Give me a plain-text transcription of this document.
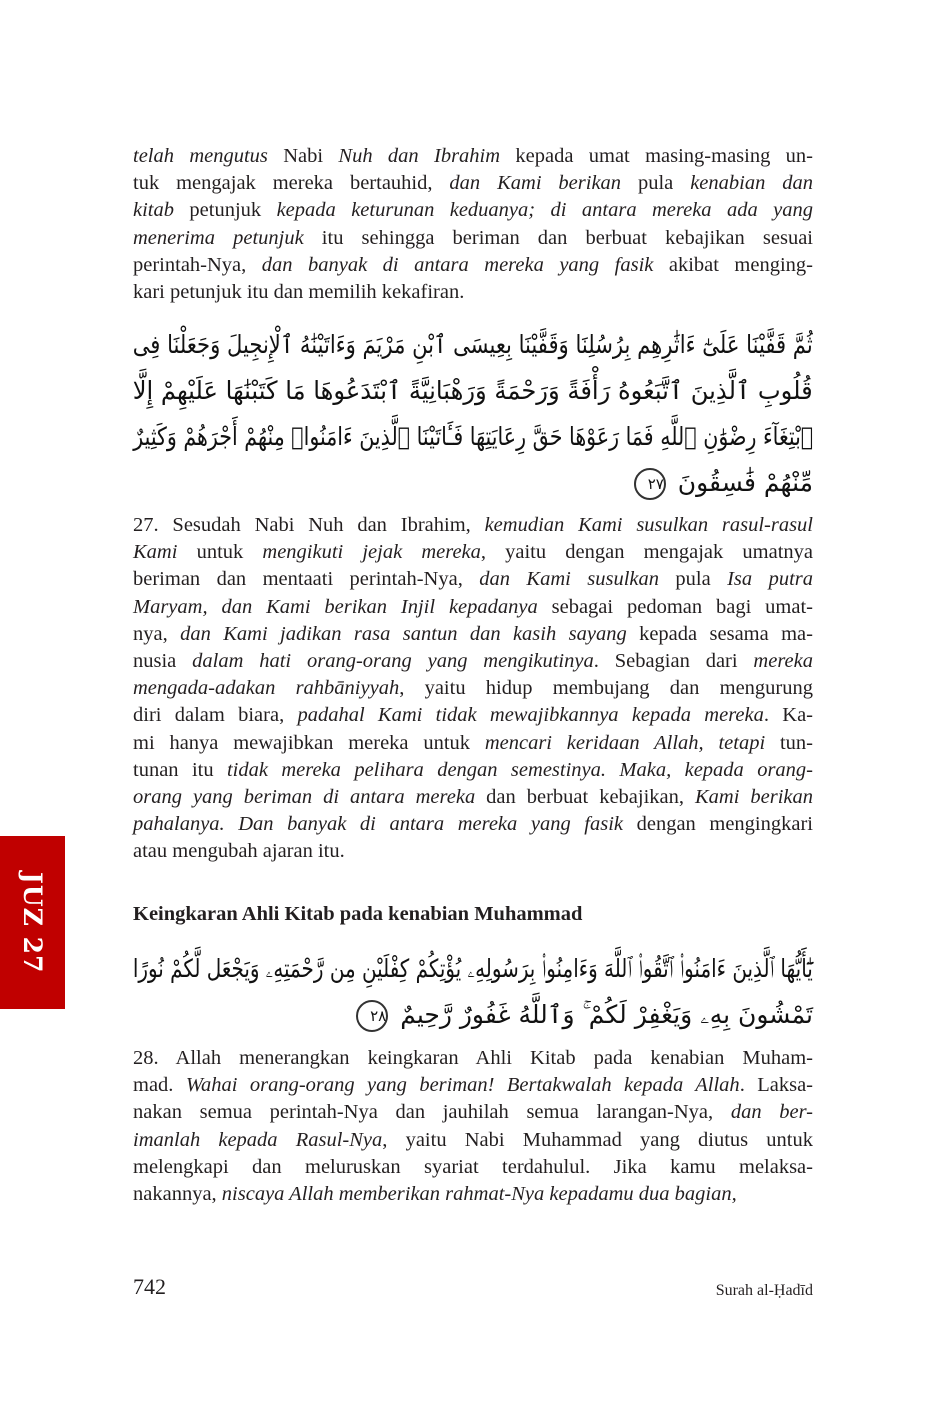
telah mengutus Nabi Nuh dan Ibrahim kepada umat masing-masing un-
tuk mengajak mereka bertauhid, dan Kami berikan pula kenabian dan
kitab petunjuk kepada keturunan keduanya; di antara mereka ada yang
menerima petunjuk itu sehingga beriman dan berbuat kebajikan sesuai
perintah-Nya, dan banyak di antara mereka yang fasik akibat menging-
kari petunjuk itu dan memilih kekafiran.
ثُمَّ قَفَّيْنَا عَلَىٰٓ ءَاثَٰرِهِم بِرُسُلِنَا وَقَفَّيْنَا بِعِيسَى ٱبْنِ مَرْيَمَ وَءَاتَيْنَٰهُ ٱلْإِنجِيلَ وَجَعَلْنَا فِى
قُلُوبِ ٱلَّذِينَ ٱتَّبَعُوهُ رَأْفَةً وَرَحْمَةً وَرَهْبَانِيَّةً ٱبْتَدَعُوهَا مَا كَتَبْنَٰهَا عَلَيْهِمْ إِلَّا
ٱبْتِغَآءَ رِضْوَٰنِ ٱللَّهِ فَمَا رَعَوْهَا حَقَّ رِعَايَتِهَا فَـَٔاتَيْنَا ٱلَّذِينَ ءَامَنُوا۟ مِنْهُمْ أَجْرَهُمْ وَكَثِيرٌ
مِّنْهُمْ فَٰسِقُونَ ٢٧
27. Sesudah Nabi Nuh dan Ibrahim, kemudian Kami susulkan rasul-rasul
Kami untuk mengikuti jejak mereka, yaitu dengan mengajak umatnya
beriman dan mentaati perintah-Nya, dan Kami susulkan pula Isa putra
Maryam, dan Kami berikan Injil kepadanya sebagai pedoman bagi umat-
nya, dan Kami jadikan rasa santun dan kasih sayang kepada sesama ma-
nusia dalam hati orang-orang yang mengikutinya. Sebagian dari mereka
mengada-adakan rahbāniyyah, yaitu hidup membujang dan mengurung
diri dalam biara, padahal Kami tidak mewajibkannya kepada mereka. Ka-
mi hanya mewajibkan mereka untuk mencari keridaan Allah, tetapi tun-
tunan itu tidak mereka pelihara dengan semestinya. Maka, kepada orang-
orang yang beriman di antara mereka dan berbuat kebajikan, Kami berikan
pahalanya. Dan banyak di antara mereka yang fasik dengan mengingkari
atau mengubah ajaran itu.
Keingkaran Ahli Kitab pada kenabian Muhammad
يَٰٓأَيُّهَا ٱلَّذِينَ ءَامَنُوا۟ ٱتَّقُوا۟ ٱللَّهَ وَءَامِنُوا۟ بِرَسُولِهِۦ يُؤْتِكُمْ كِفْلَيْنِ مِن رَّحْمَتِهِۦ وَيَجْعَل لَّكُمْ نُورًا
تَمْشُونَ بِهِۦ وَيَغْفِرْ لَكُمْ ۚ وَٱللَّهُ غَفُورٌ رَّحِيمٌ ٢٨
28. Allah menerangkan keingkaran Ahli Kitab pada kenabian Muham-
mad. Wahai orang-orang yang beriman! Bertakwalah kepada Allah. Laksa-
nakan semua perintah-Nya dan jauhilah semua larangan-Nya, dan ber-
imanlah kepada Rasul-Nya, yaitu Nabi Muhammad yang diutus untuk
melengkapi dan meluruskan syariat terdahulul. Jika kamu melaksa-
nakannya, niscaya Allah memberikan rahmat-Nya kepadamu dua bagian,
JUZ 27
742	Surah al-Ḥadīd
